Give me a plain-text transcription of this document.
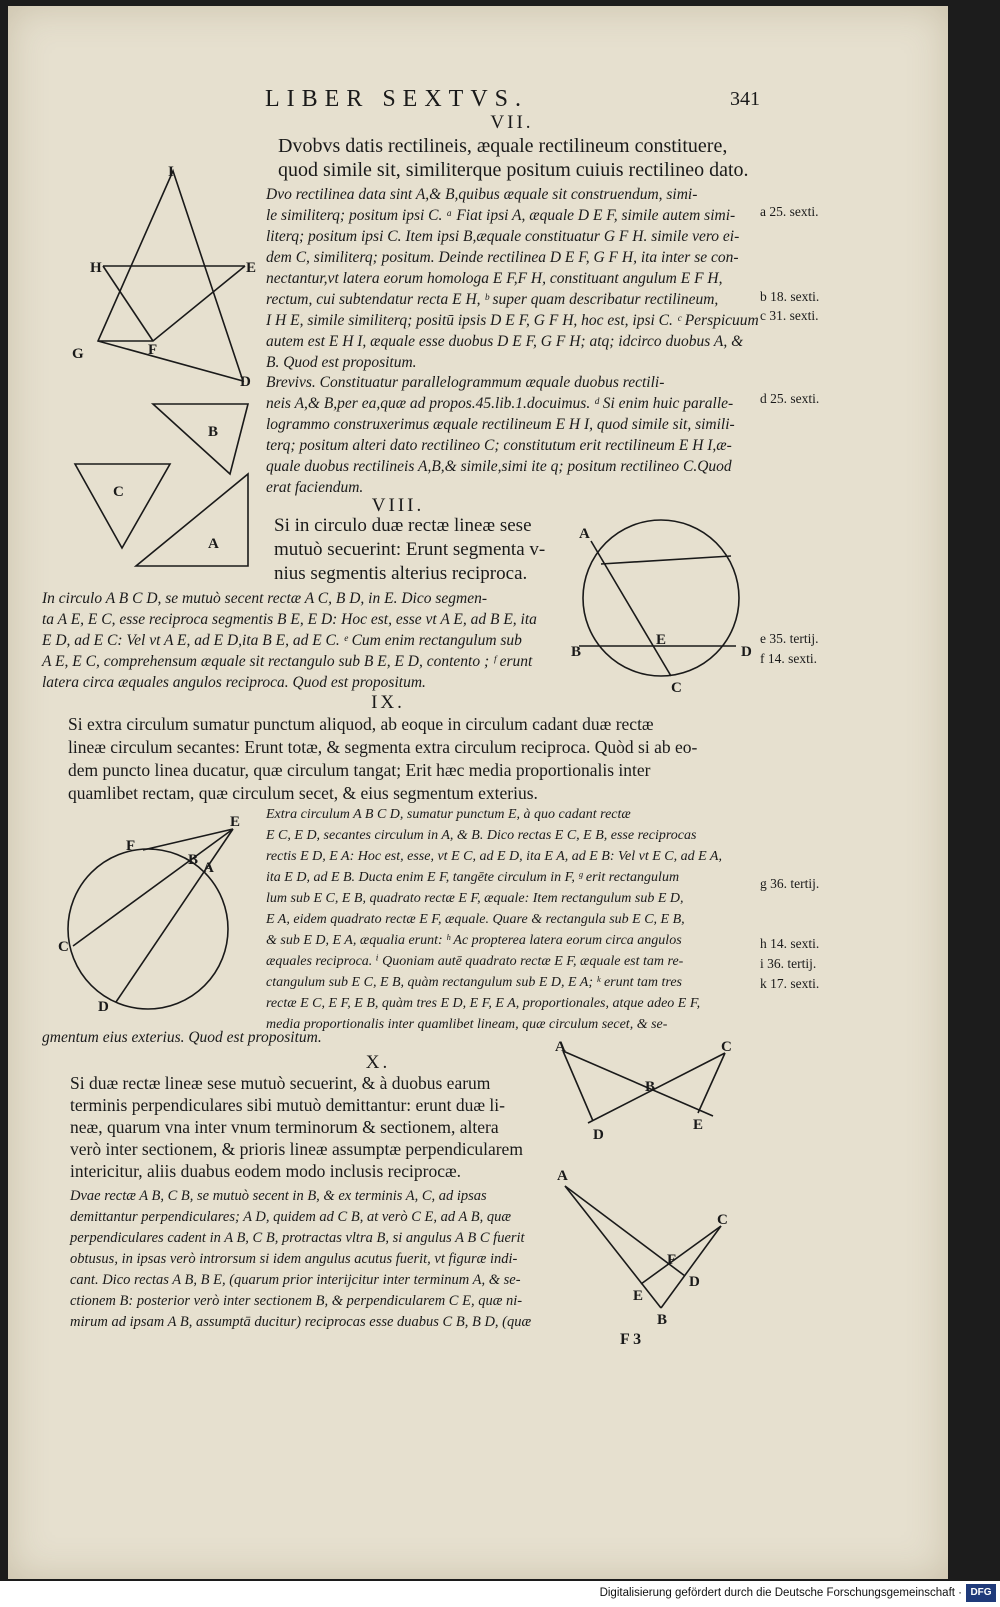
LIBER SEXTVS.	341
VII.
Dvobvs datis rectilineis, æquale rectilineum constituere,
quod simile sit, similiterque positum cuiuis rectilineo dato.
Dvo rectilinea data sint A,& B,quibus æquale sit construendum, simi-
le similiterq; positum ipsi C. ᵃ Fiat ipsi A, æquale D E F, simile autem simi-
literq; positum ipsi C. Item ipsi B,æquale constituatur G F H. simile vero ei-
dem C, similiterq; positum. Deinde rectilinea D E F, G F H, ita inter se con-
nectantur,vt latera eorum homologa E F,F H, constituant angulum E F H,
rectum, cui subtendatur recta E H, ᵇ super quam describatur rectilineum,
I H E, simile similiterq; positū ipsis D E F, G F H, hoc est, ipsi C. ᶜ Perspicuum
autem est E H I, æquale esse duobus D E F, G F H; atq; idcirco duobus A, &
B. Quod est propositum.
Brevivs. Constituatur parallelogrammum æquale duobus rectili-
neis A,& B,per ea,quæ ad propos.45.lib.1.docuimus. ᵈ Si enim huic paralle-
logrammo construxerimus æquale rectilineum E H I, quod simile sit, simili-
terq; positum alteri dato rectilineo C; constitutum erit rectilineum E H I,æ-
quale duobus rectilineis A,B,& simile,simi ite q; positum rectilineo C.Quod
erat faciendum.
VIII.
Si in circulo duæ rectæ lineæ sese
mutuò secuerint: Erunt segmenta v-
nius segmentis alterius reciproca.
In circulo A B C D, se mutuò secent rectæ A C, B D, in E. Dico segmen-
ta A E, E C, esse reciproca segmentis B E, E D: Hoc est, esse vt A E, ad B E, ita
E D, ad E C: Vel vt A E, ad E D,ita B E, ad E C. ᵉ Cum enim rectangulum sub
A E, E C, comprehensum æquale sit rectangulo sub B E, E D, contento ; ᶠ erunt
latera circa æquales angulos reciproca. Quod est propositum.
IX.
Si extra circulum sumatur punctum aliquod, ab eoque in circulum cadant duæ rectæ
lineæ circulum secantes: Erunt totæ, & segmenta extra circulum reciproca. Quòd si ab eo-
dem puncto linea ducatur, quæ circulum tangat; Erit hæc media proportionalis inter
quamlibet rectam, quæ circulum secet, & eius segmentum exterius.
Extra circulum A B C D, sumatur punctum E, à quo cadant rectæ
E C, E D, secantes circulum in A, & B. Dico rectas E C, E B, esse reciprocas
rectis E D, E A: Hoc est, esse, vt E C, ad E D, ita E A, ad E B: Vel vt E C, ad E A,
ita E D, ad E B. Ducta enim E F, tangēte circulum in F, ᵍ erit rectangulum
lum sub E C, E B, quadrato rectæ E F, æquale: Item rectangulum sub E D,
E A, eidem quadrato rectæ E F, æquale. Quare & rectangula sub E C, E B,
& sub E D, E A, æqualia erunt: ʰ Ac propterea latera eorum circa angulos
æquales reciproca. ⁱ Quoniam autē quadrato rectæ E F, æquale est tam re-
ctangulum sub E C, E B, quàm rectangulum sub E D, E A; ᵏ erunt tam tres
rectæ E C, E F, E B, quàm tres E D, E F, E A, proportionales, atque adeo E F,
media proportionalis inter quamlibet lineam, quæ circulum secet, & se-
gmentum eius exterius. Quod est propositum.
X.
Si duæ rectæ lineæ sese mutuò secuerint, & à duobus earum
terminis perpendiculares sibi mutuò demittantur: erunt duæ li-
neæ, quarum vna inter vnum terminorum & sectionem, altera
verò inter sectionem, & prioris lineæ assumptæ perpendicularem
intericitur, aliis duabus eodem modo inclusis reciprocæ.
Dvae rectæ A B, C B, se mutuò secent in B, & ex terminis A, C, ad ipsas
demittantur perpendiculares; A D, quidem ad C B, at verò C E, ad A B, quæ
perpendiculares cadent in A B, C B, protractas vltra B, si angulus A B C fuerit
obtusus, in ipsas verò introrsum si idem angulus acutus fuerit, vt figuræ indi-
cant. Dico rectas A B, B E, (quarum prior interijcitur inter terminum A, & se-
ctionem B: posterior verò inter sectionem B, & perpendicularem C E, quæ ni-
mirum ad ipsam A B, assumptā ducitur) reciprocas esse duabus C B, B D, (quæ
a 25. sexti.
b 18. sexti.
c 31. sexti.
d 25. sexti.
e 35. tertij.
f 14. sexti.
g 36. tertij.
h 14. sexti.
i 36. tertij.
k 17. sexti.
F 3
I
H	E
F
G
D
B
C
A
A
B
E
D
C
E
F
B A
C
D
A	C
B
D
E
A
C
F
D
E
B
Digitalisierung gefördert durch die Deutsche Forschungsgemeinschaft · DFG
